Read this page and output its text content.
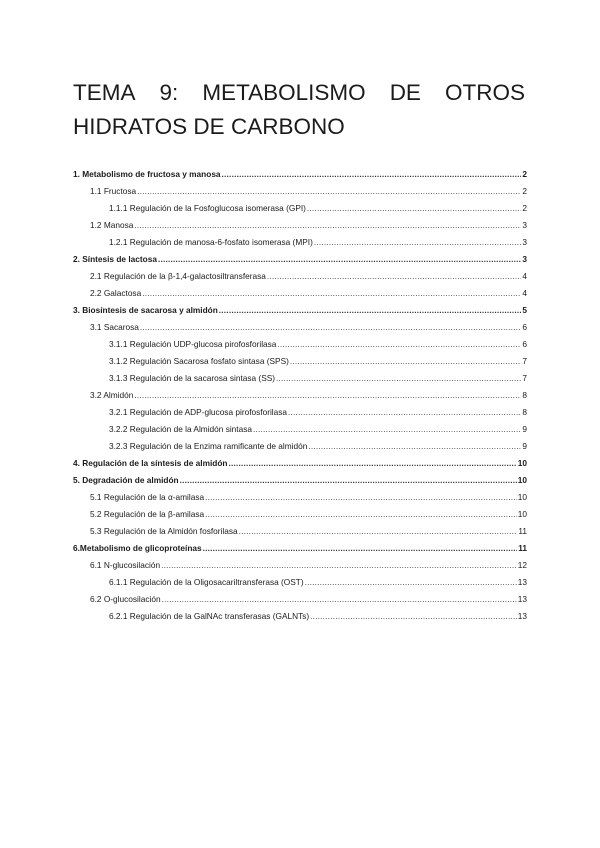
TEMA 9: METABOLISMO DE OTROS
HIDRATOS DE CARBONO
1. Metabolismo de fructosa y manosa .....	2
1.1 Fructosa .....	2
1.1.1 Regulación de la Fosfoglucosa isomerasa (GPI) .....	2
1.2 Manosa .....	3
1.2.1 Regulación de manosa-6-fosfato isomerasa (MPI) .....	3
2. Síntesis de lactosa .....	3
2.1 Regulación de la β-1,4-galactosiltransferasa .....	4
2.2 Galactosa .....	4
3. Biosíntesis de sacarosa y almidón .....	5
3.1 Sacarosa .....	6
3.1.1 Regulación UDP-glucosa pirofosforilasa .....	6
3.1.2 Regulación Sacarosa fosfato sintasa (SPS) .....	7
3.1.3 Regulación de la sacarosa sintasa (SS) .....	7
3.2 Almidón .....	8
3.2.1 Regulación de ADP-glucosa pirofosforilasa .....	8
3.2.2 Regulación de la Almidón sintasa .....	9
3.2.3 Regulación de la Enzima ramificante de almidón .....	9
4. Regulación de la síntesis de almidón .....	10
5. Degradación de almidón .....	10
5.1 Regulación de la α-amilasa .....	10
5.2 Regulación de la β-amilasa .....	10
5.3 Regulación de la Almidón fosforilasa .....	11
6.Metabolismo de glicoproteínas .....	11
6.1 N-glucosilación .....	12
6.1.1 Regulación de la Oligosacariltransferasa (OST) .....	13
6.2 O-glucosilación .....	13
6.2.1 Regulación de la GalNAc transferasas (GALNTs) .....	13
